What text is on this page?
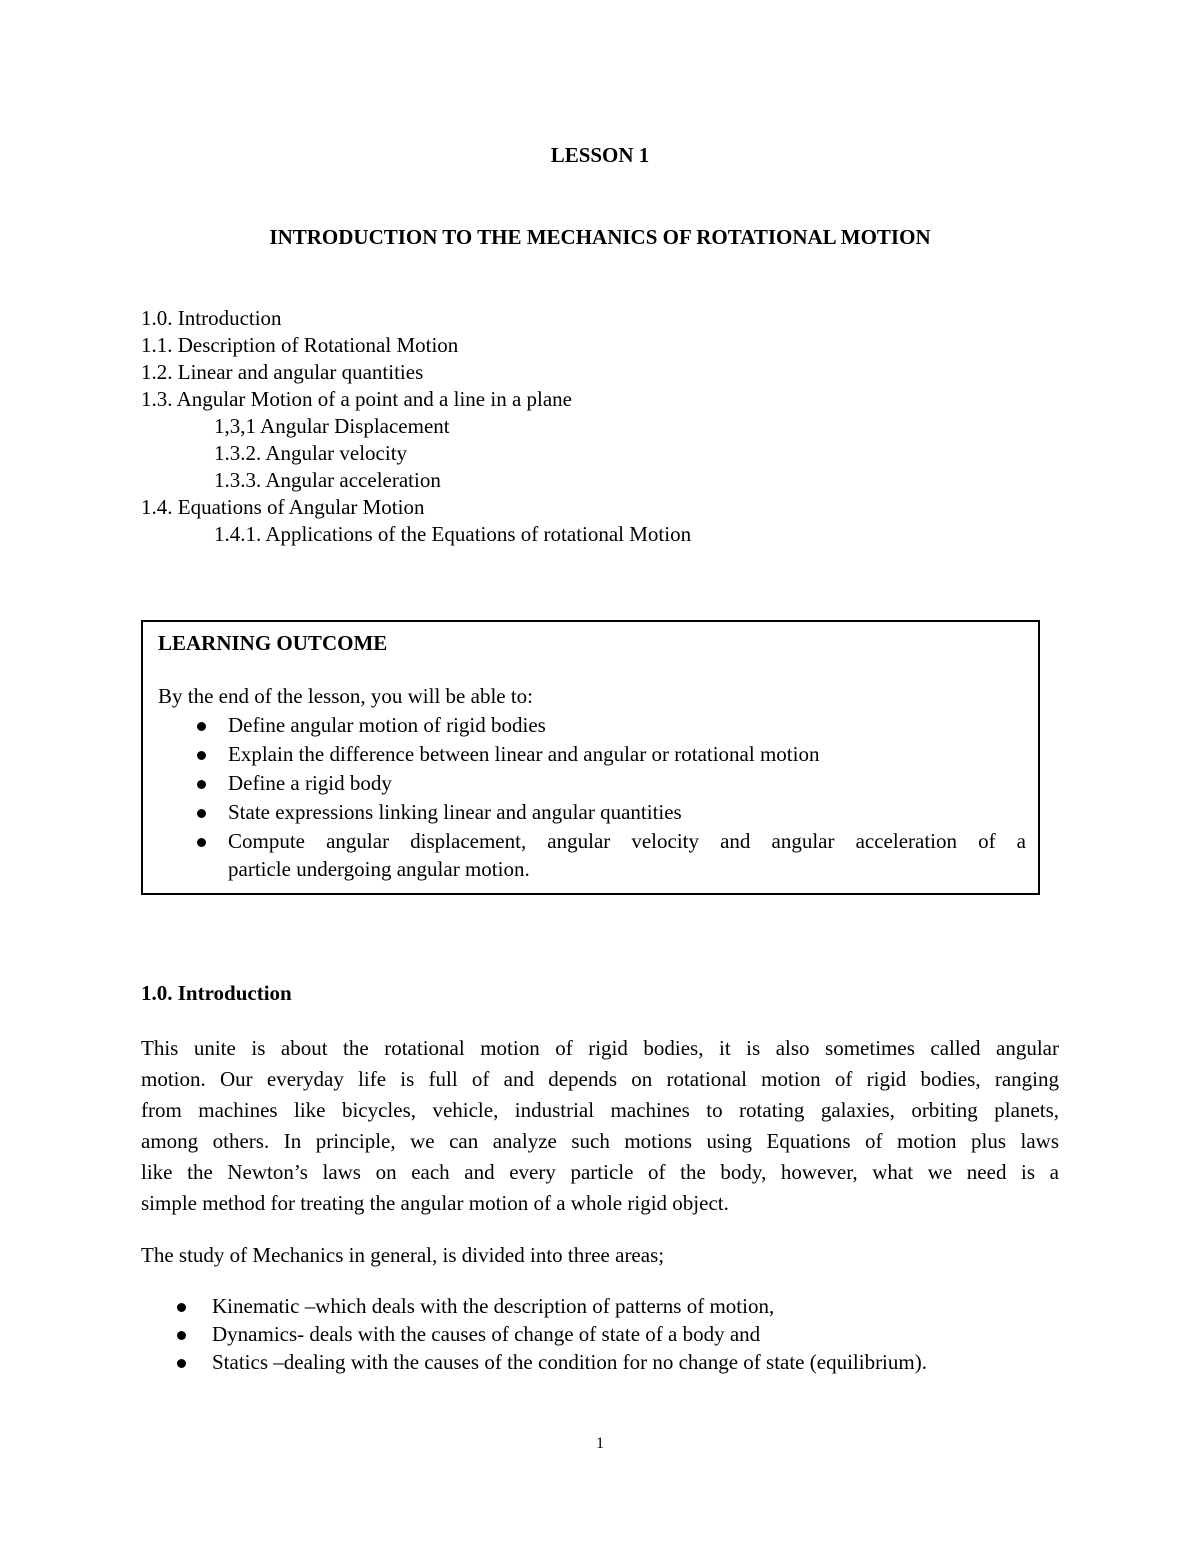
LESSON 1
INTRODUCTION TO THE MECHANICS OF ROTATIONAL MOTION
1.0. Introduction
1.1. Description of Rotational Motion
1.2. Linear and angular quantities
1.3. Angular Motion of a point and a line in a plane
1,3,1 Angular Displacement
1.3.2. Angular velocity
1.3.3. Angular acceleration
1.4. Equations of Angular Motion
1.4.1. Applications of the Equations of rotational Motion
LEARNING OUTCOME
By the end of the lesson, you will be able to:
Define angular motion of rigid bodies
Explain the difference between linear and angular or rotational motion
Define a rigid body
State expressions linking linear and angular quantities
Compute angular displacement, angular velocity and angular acceleration of a
particle undergoing angular motion.
1.0. Introduction
This unite is about the rotational motion of rigid bodies, it is also sometimes called angular
motion. Our everyday life is full of and depends on rotational motion of rigid bodies, ranging
from machines like bicycles, vehicle, industrial machines to rotating galaxies, orbiting planets,
among others. In principle, we can analyze such motions using Equations of motion plus laws
like the Newton’s laws on each and every particle of the body, however, what we need is a
simple method for treating the angular motion of a whole rigid object.
The study of Mechanics in general, is divided into three areas;
Kinematic –which deals with the description of patterns of motion,
Dynamics- deals with the causes of change of state of a body and
Statics –dealing with the causes of the condition for no change of state (equilibrium).
1
